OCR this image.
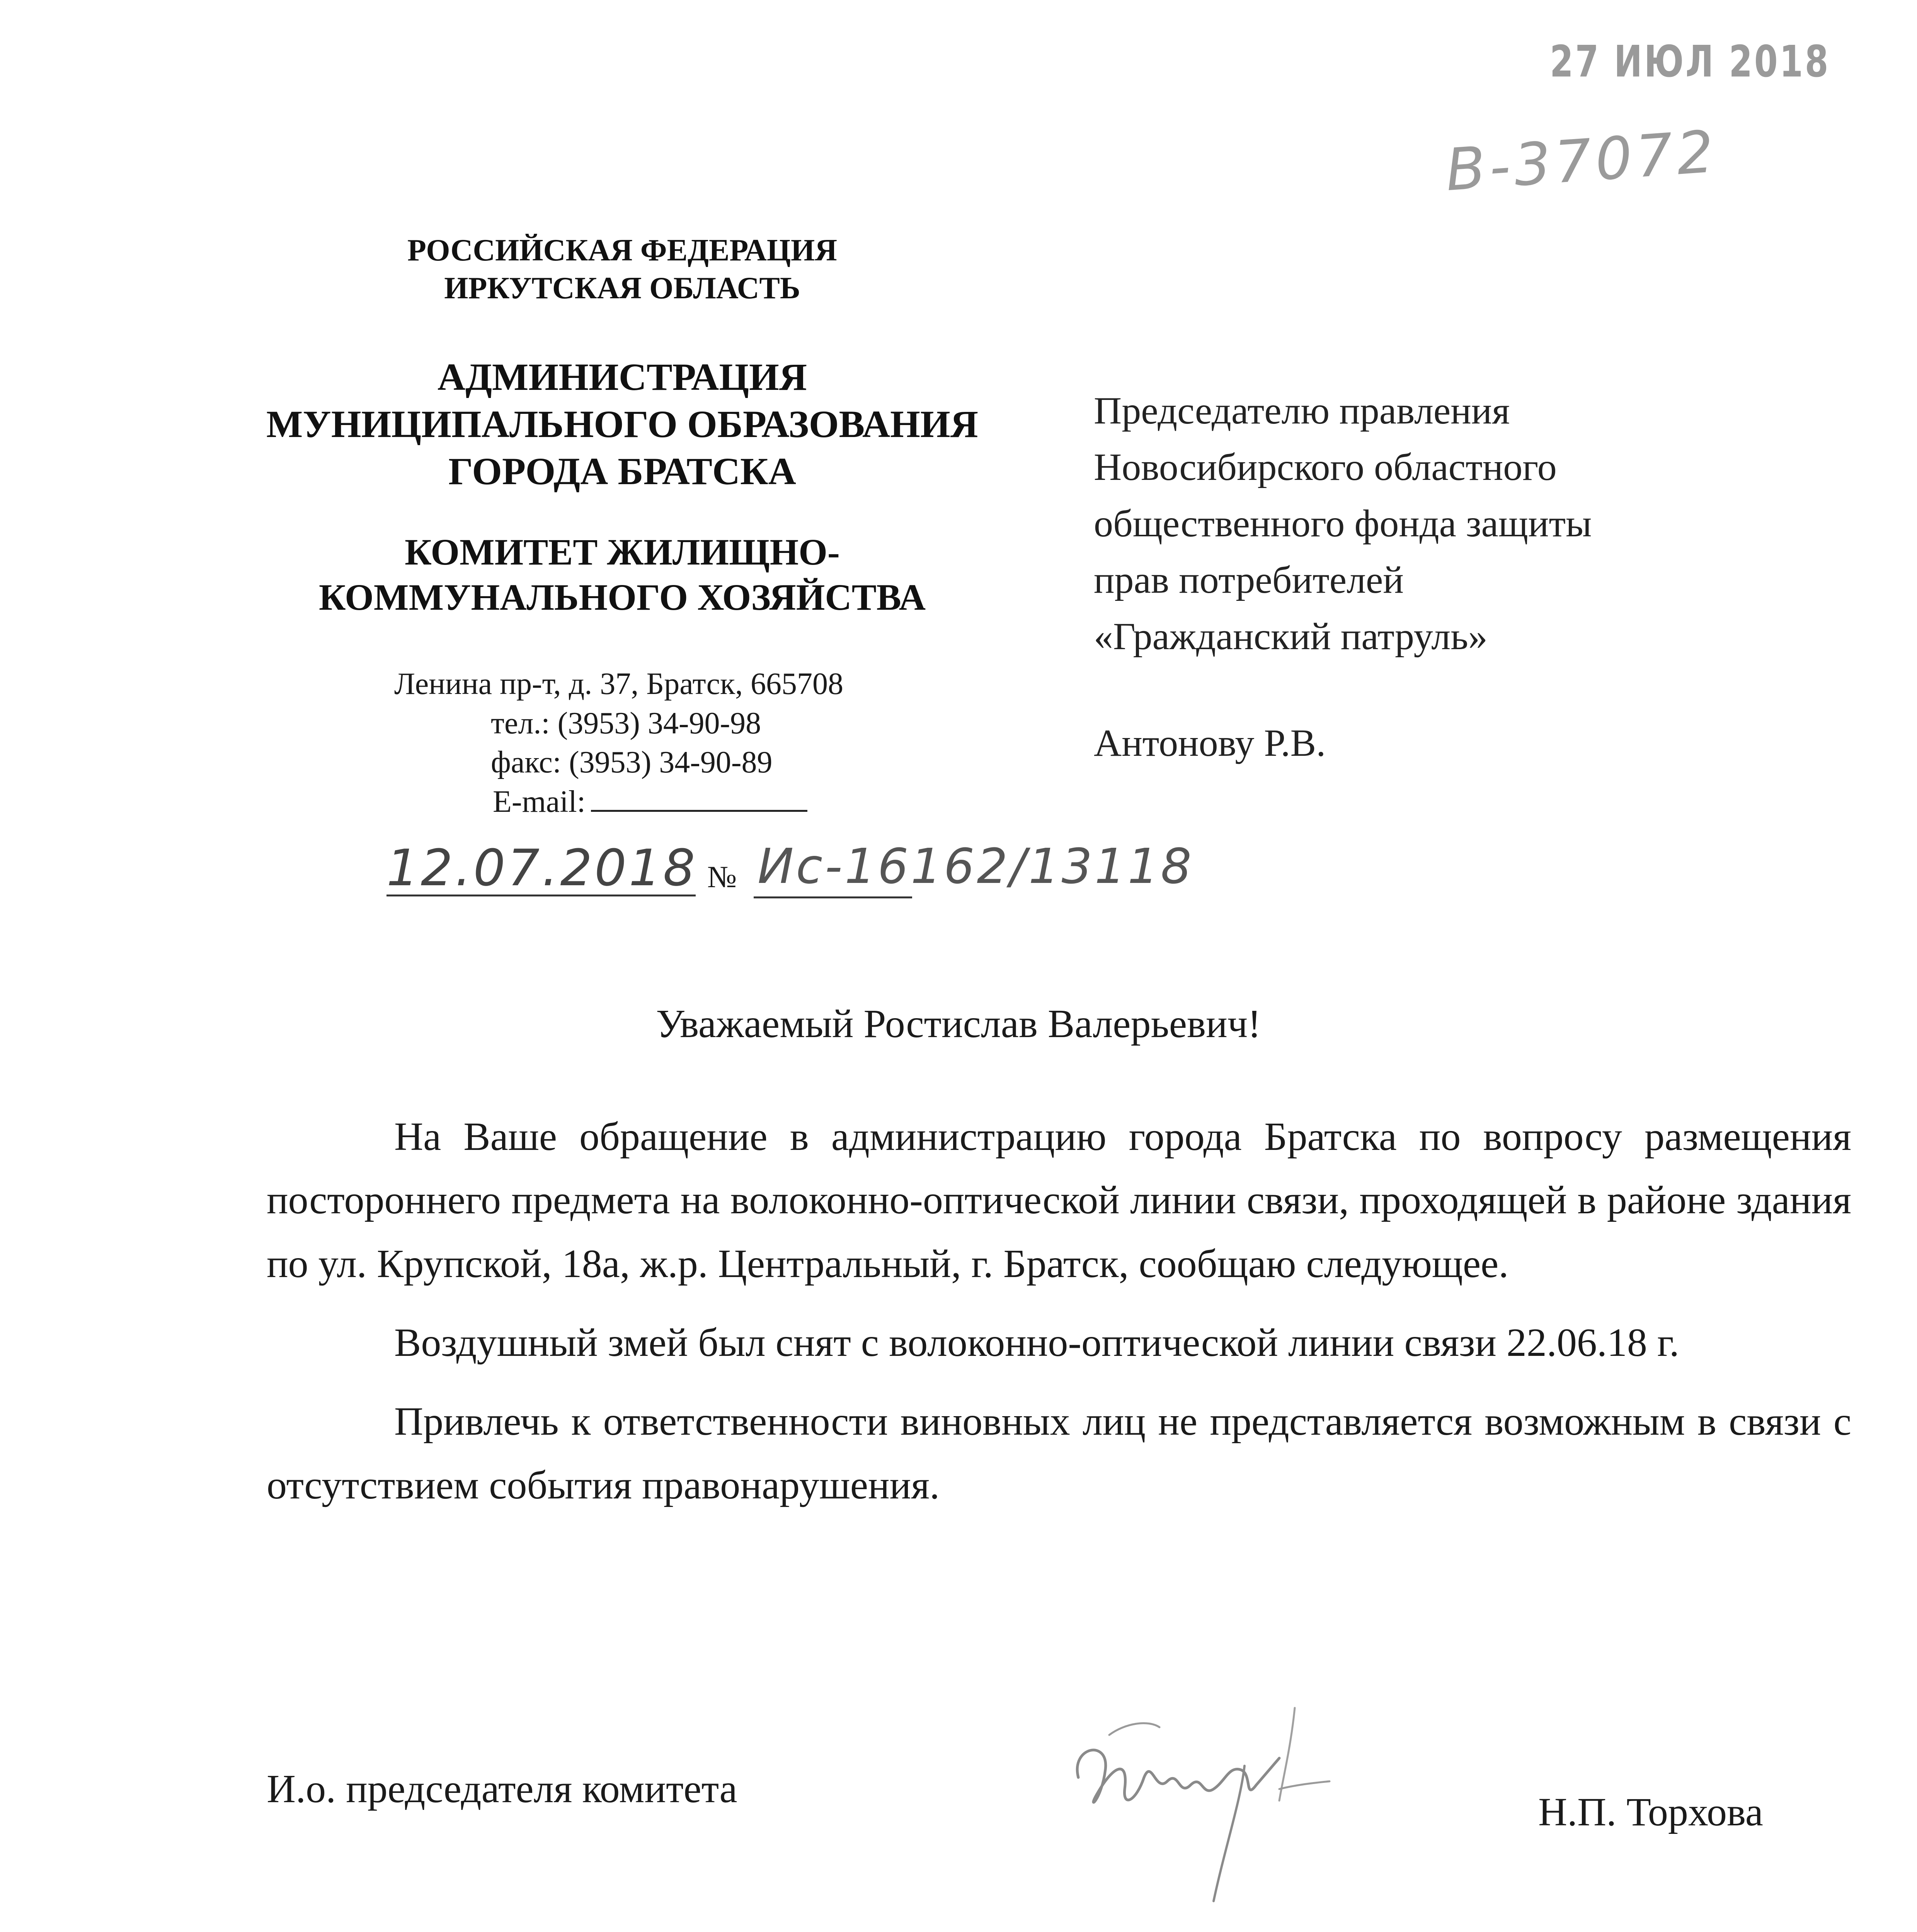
27 ИЮЛ 2018
В-37072
РОССИЙСКАЯ ФЕДЕРАЦИЯ
ИРКУТСКАЯ ОБЛАСТЬ
АДМИНИСТРАЦИЯ
МУНИЦИПАЛЬНОГО ОБРАЗОВАНИЯ
ГОРОДА БРАТСКА
КОМИТЕТ ЖИЛИЩНО-
КОММУНАЛЬНОГО ХОЗЯЙСТВА
Ленина пр-т, д. 37, Братск, 665708
тел.: (3953) 34-90-98
факс: (3953) 34-90-89
E-mail:
12.07.2018 № Ис-16162/13118
Председателю правления
Новосибирского областного
общественного фонда защиты
прав потребителей
«Гражданский патруль»
Антонову Р.В.
Уважаемый Ростислав Валерьевич!

На Ваше обращение в администрацию города Братска по вопросу размещения постороннего предмета на волоконно-оптической линии связи, проходящей в районе здания по ул. Крупской, 18а, ж.р. Центральный, г. Братск, сообщаю следующее.

Воздушный змей был снят с волоконно-оптической линии связи 22.06.18 г.

Привлечь к ответственности виновных лиц не представляется возможным в связи с отсутствием события правонарушения.

И.о. председателя комитета
Н.П. Торхова
